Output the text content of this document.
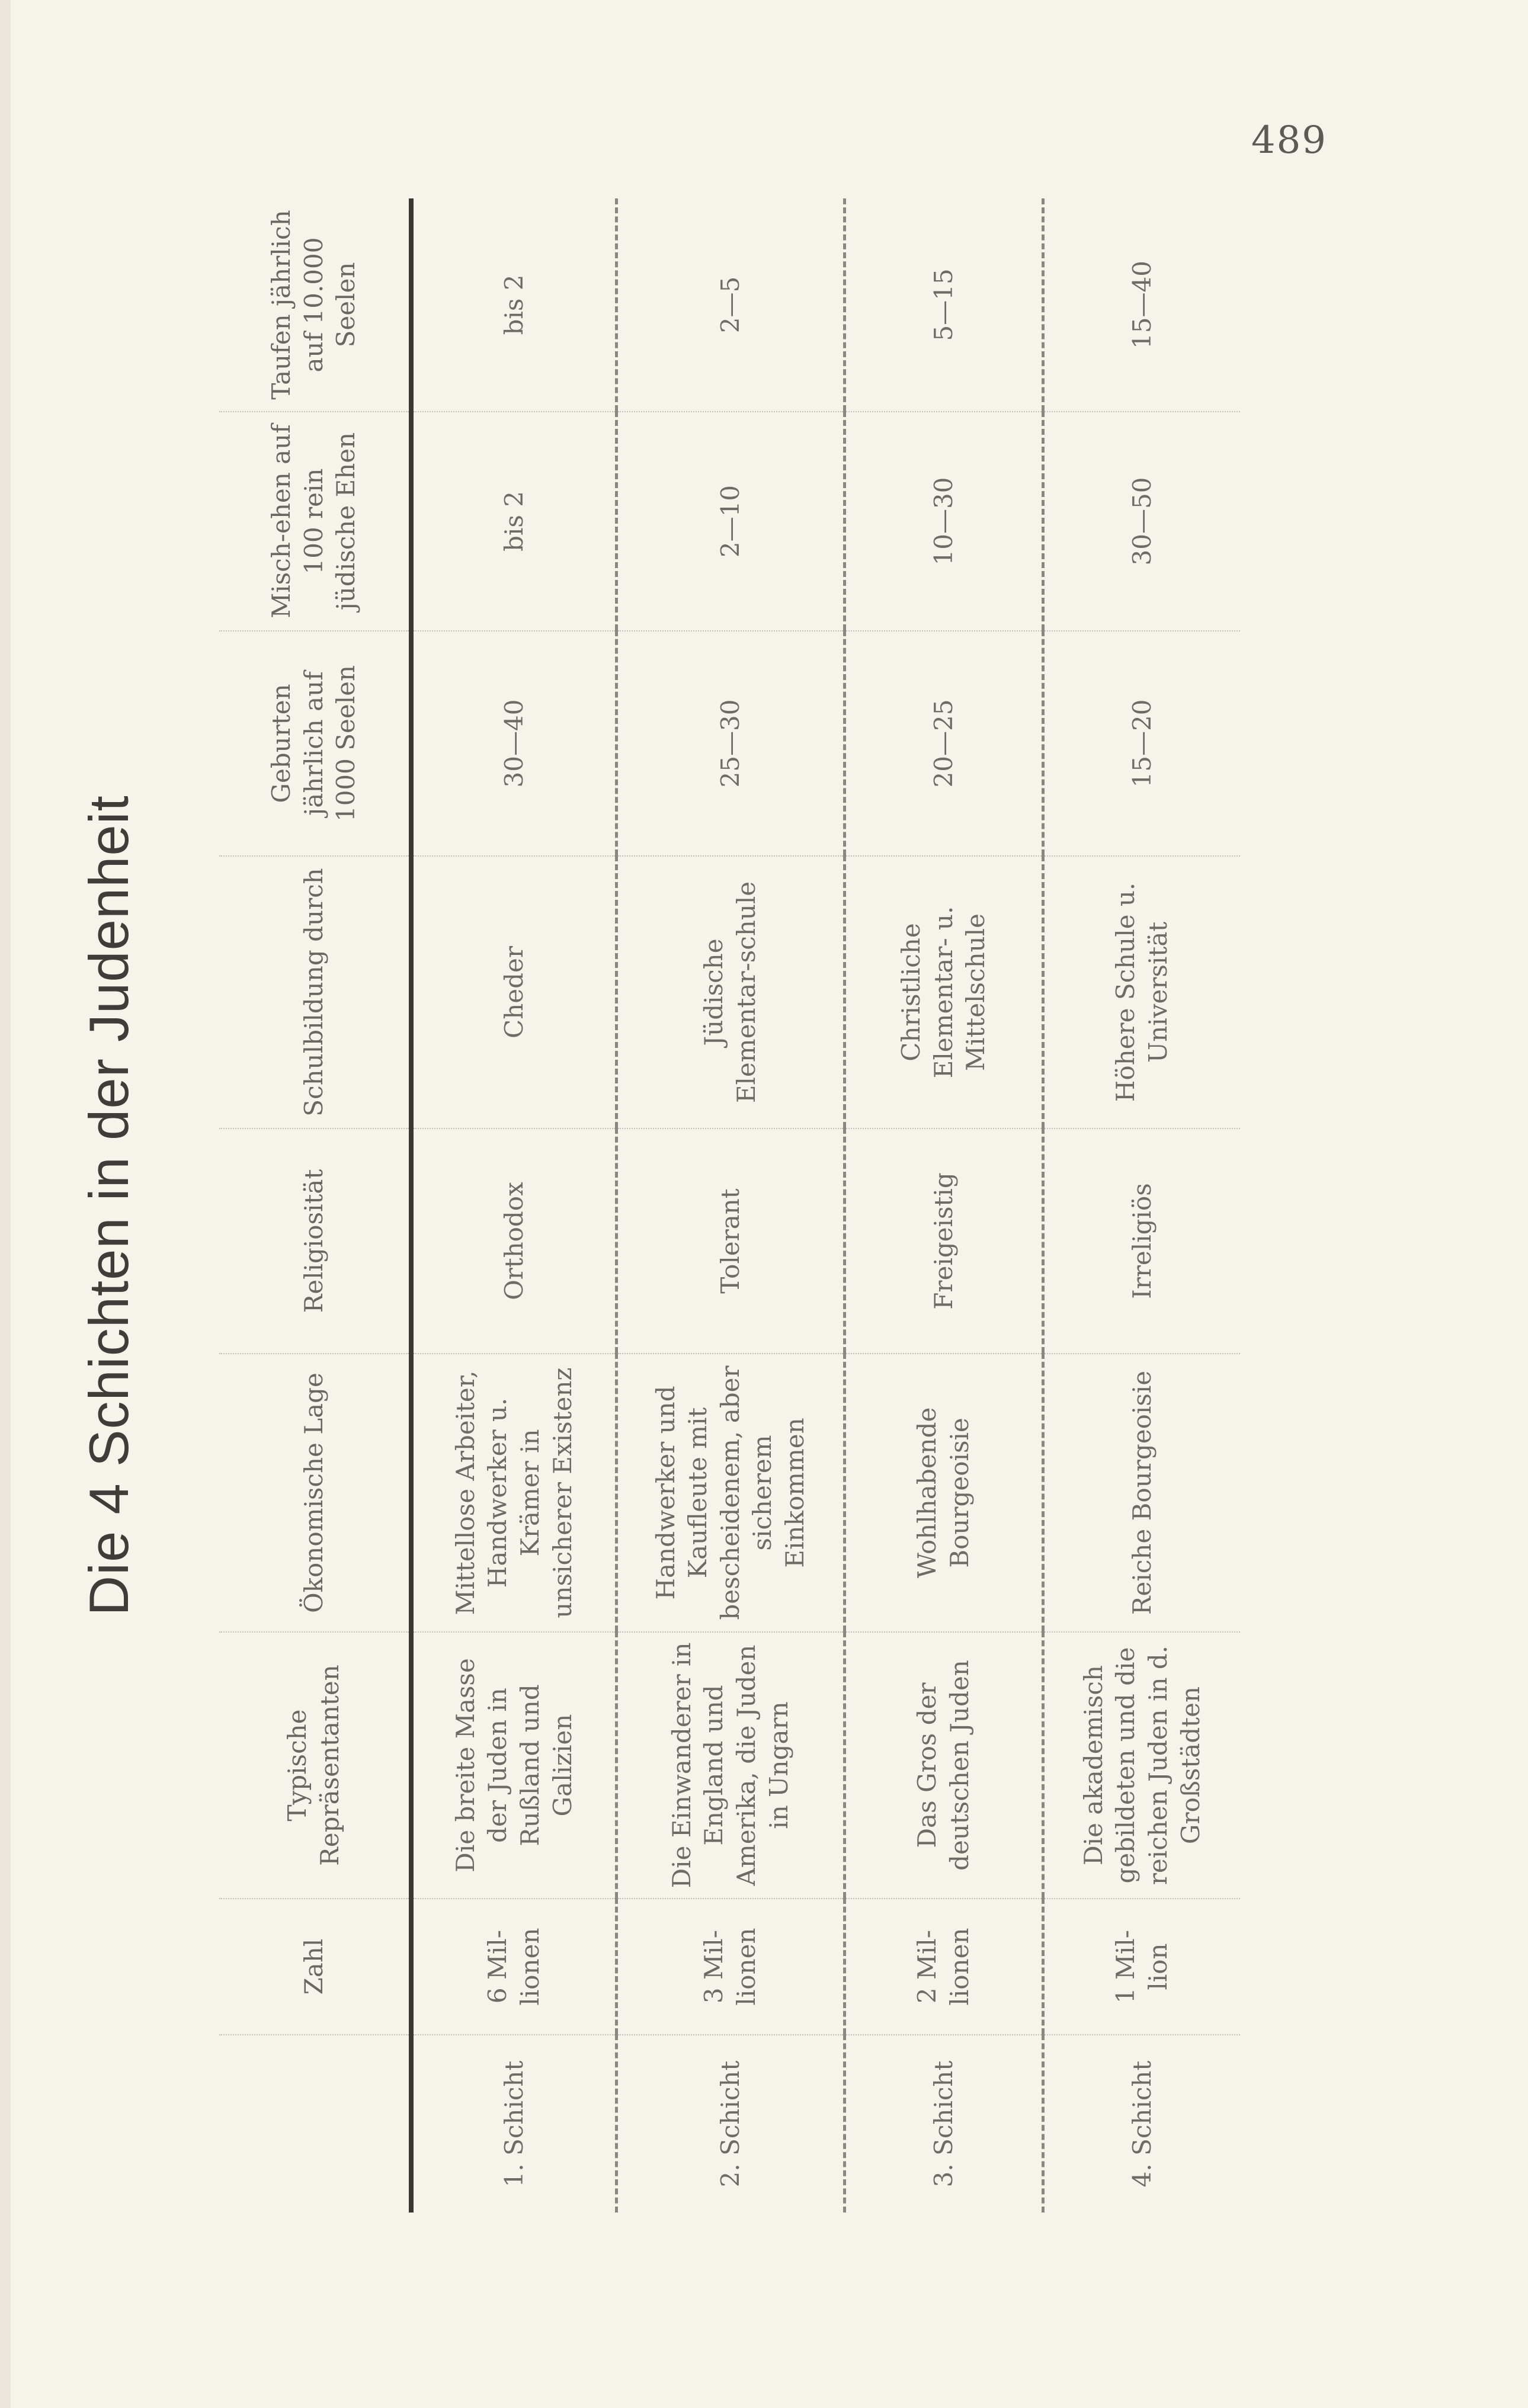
489
Die 4 Schichten in der Judenheit
	Zahl	Typische Repräsentanten	Ökonomische Lage	Religiosität	Schulbildung durch	Geburten jährlich auf 1000 Seelen	Misch-ehen auf 100 rein jüdische Ehen	Taufen jährlich auf 10.000 Seelen
1. Schicht	6 Mil-lionen	Die breite Masse der Juden in Rußland und Galizien	Mittellose Arbeiter, Handwerker u. Krämer in unsicherer Existenz	Orthodox	Cheder	30—40	bis 2	bis 2
2. Schicht	3 Mil-lionen	Die Einwanderer in England und Amerika, die Juden in Ungarn	Handwerker und Kaufleute mit bescheidenem, aber sicherem Einkommen	Tolerant	Jüdische Elementar-schule	25—30	2—10	2—5
3. Schicht	2 Mil-lionen	Das Gros der deutschen Juden	Wohlhabende Bourgeoisie	Freigeistig	Christliche Elementar- u. Mittelschule	20—25	10—30	5—15
4. Schicht	1 Mil-lion	Die akademisch gebildeten und die reichen Juden in d. Großstädten	Reiche Bourgeoisie	Irreligiös	Höhere Schule u. Universität	15—20	30—50	15—40
